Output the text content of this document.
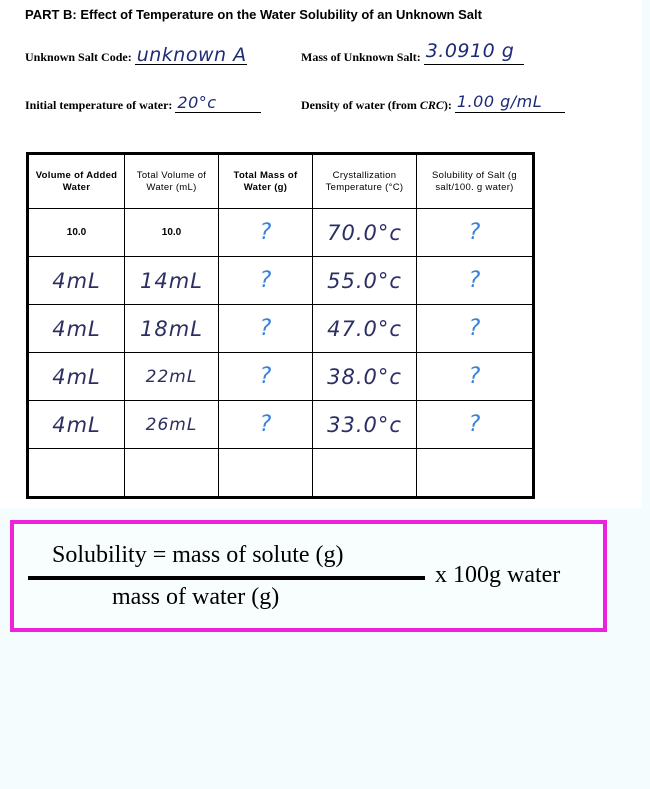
PART B: Effect of Temperature on the Water Solubility of an Unknown Salt
Unknown Salt Code: unknown A	Mass of Unknown Salt: 3.0910 g
Initial temperature of water: 20°c	Density of water (from CRC): 1.00 g/mL
Volume of Added Water	Total Volume of Water (mL)	Total Mass of Water (g)	Crystallization Temperature (°C)	Solubility of Salt (g salt/100. g water)
10.0	10.0	?	70.0°c	?
4mL	14mL	?	55.0°c	?
4mL	18mL	?	47.0°c	?
4mL	22mL	?	38.0°c	?
4mL	26mL	?	33.0°c	?

Solubility = mass of solute (g)
mass of water (g)
x 100g water
